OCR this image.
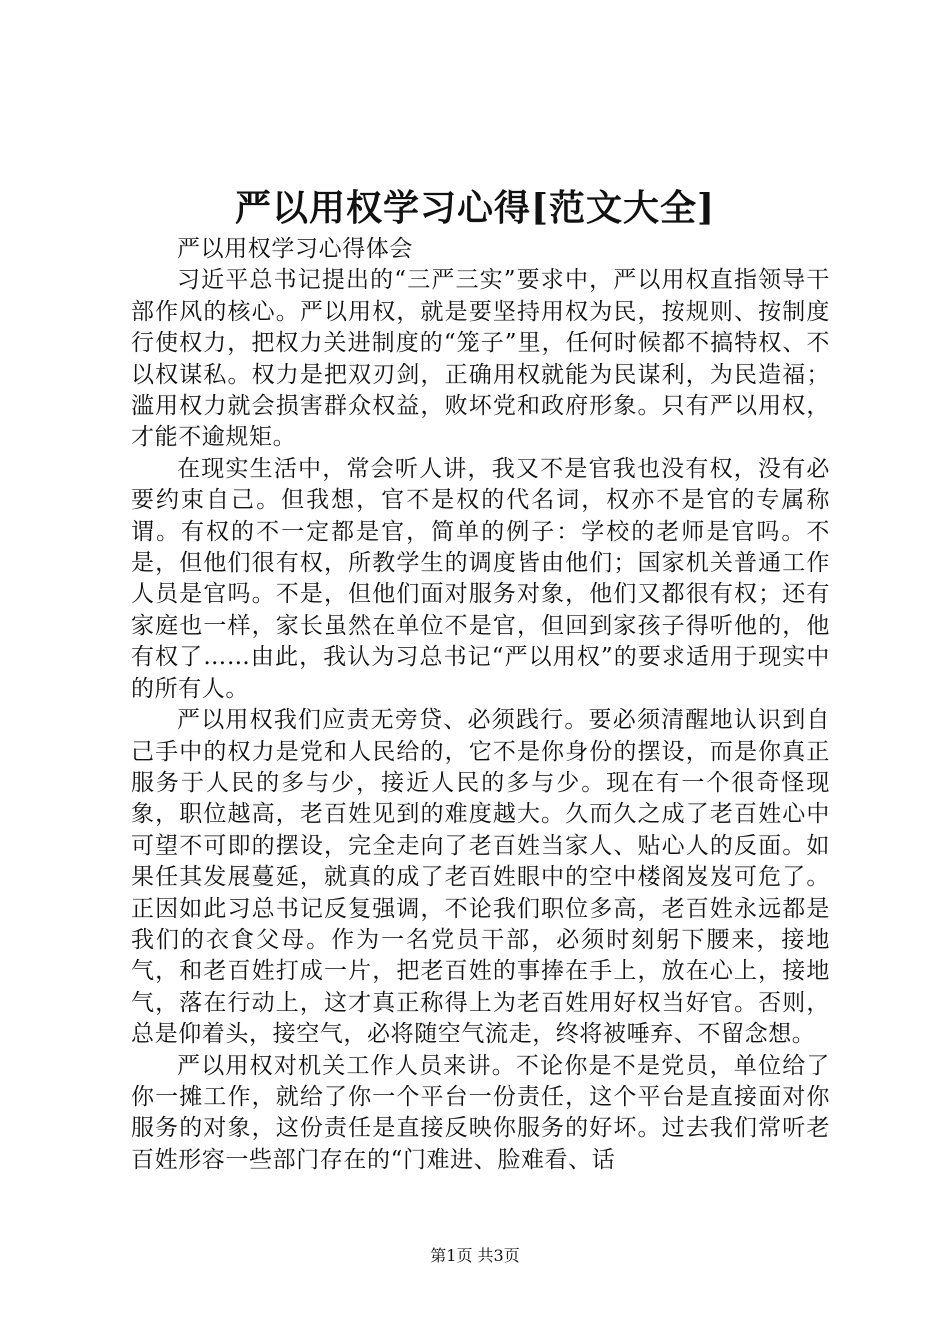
严以用权学习心得[范文大全]

严以用权学习心得体会

习近平总书记提出的“三严三实”要求中，严以用权直指领导干部作风的核心。严以用权，就是要坚持用权为民，按规则、按制度行使权力，把权力关进制度的“笼子”里，任何时候都不搞特权、不以权谋私。权力是把双刃剑，正确用权就能为民谋利，为民造福；滥用权力就会损害群众权益，败坏党和政府形象。只有严以用权，才能不逾规矩。

在现实生活中，常会听人讲，我又不是官我也没有权，没有必要约束自己。但我想，官不是权的代名词，权亦不是官的专属称谓。有权的不一定都是官，简单的例子：学校的老师是官吗。不是，但他们很有权，所教学生的调度皆由他们；国家机关普通工作人员是官吗。不是，但他们面对服务对象，他们又都很有权；还有家庭也一样，家长虽然在单位不是官，但回到家孩子得听他的，他有权了……由此，我认为习总书记“严以用权”的要求适用于现实中的所有人。

严以用权我们应责无旁贷、必须践行。要必须清醒地认识到自己手中的权力是党和人民给的，它不是你身份的摆设，而是你真正服务于人民的多与少，接近人民的多与少。现在有一个很奇怪现象，职位越高，老百姓见到的难度越大。久而久之成了老百姓心中可望不可即的摆设，完全走向了老百姓当家人、贴心人的反面。如果任其发展蔓延，就真的成了老百姓眼中的空中楼阁岌岌可危了。正因如此习总书记反复强调，不论我们职位多高，老百姓永远都是我们的衣食父母。作为一名党员干部，必须时刻躬下腰来，接地气，和老百姓打成一片，把老百姓的事捧在手上，放在心上，接地气，落在行动上，这才真正称得上为老百姓用好权当好官。否则，总是仰着头，接空气，必将随空气流走，终将被唾弃、不留念想。

严以用权对机关工作人员来讲。不论你是不是党员，单位给了你一摊工作，就给了你一个平台一份责任，这个平台是直接面对你服务的对象，这份责任是直接反映你服务的好坏。过去我们常听老百姓形容一些部门存在的“门难进、脸难看、话

第1页 共3页
